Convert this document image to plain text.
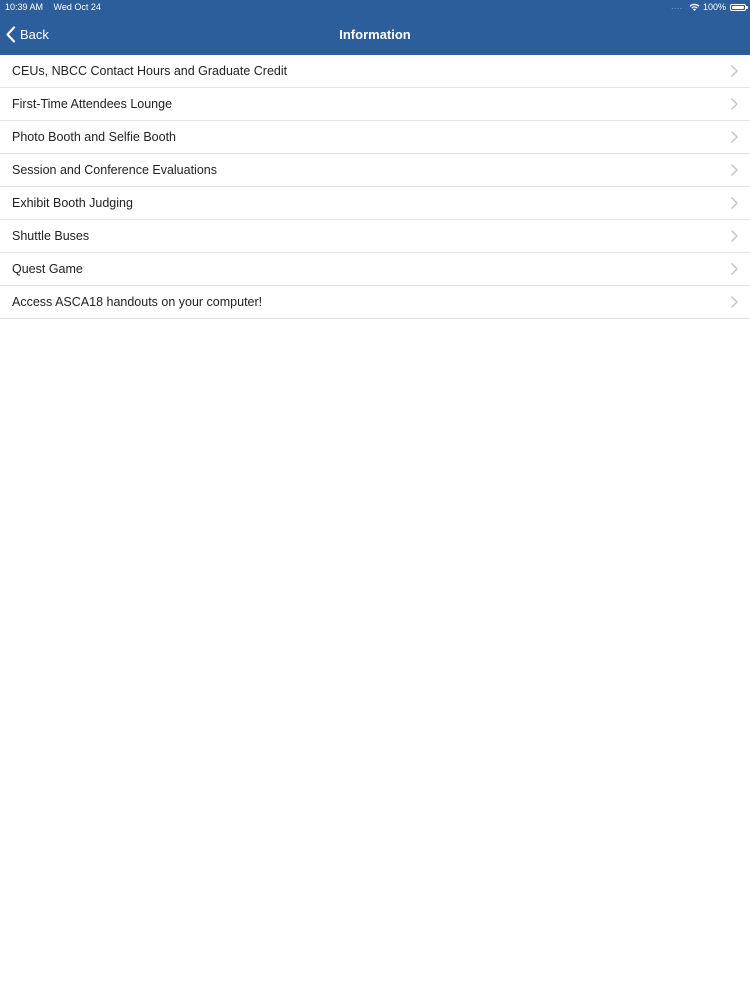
10:39 AM Wed Oct 24	.... 100%
Back	Information
CEUs, NBCC Contact Hours and Graduate Credit
First-Time Attendees Lounge
Photo Booth and Selfie Booth
Session and Conference Evaluations
Exhibit Booth Judging
Shuttle Buses
Quest Game
Access ASCA18 handouts on your computer!
